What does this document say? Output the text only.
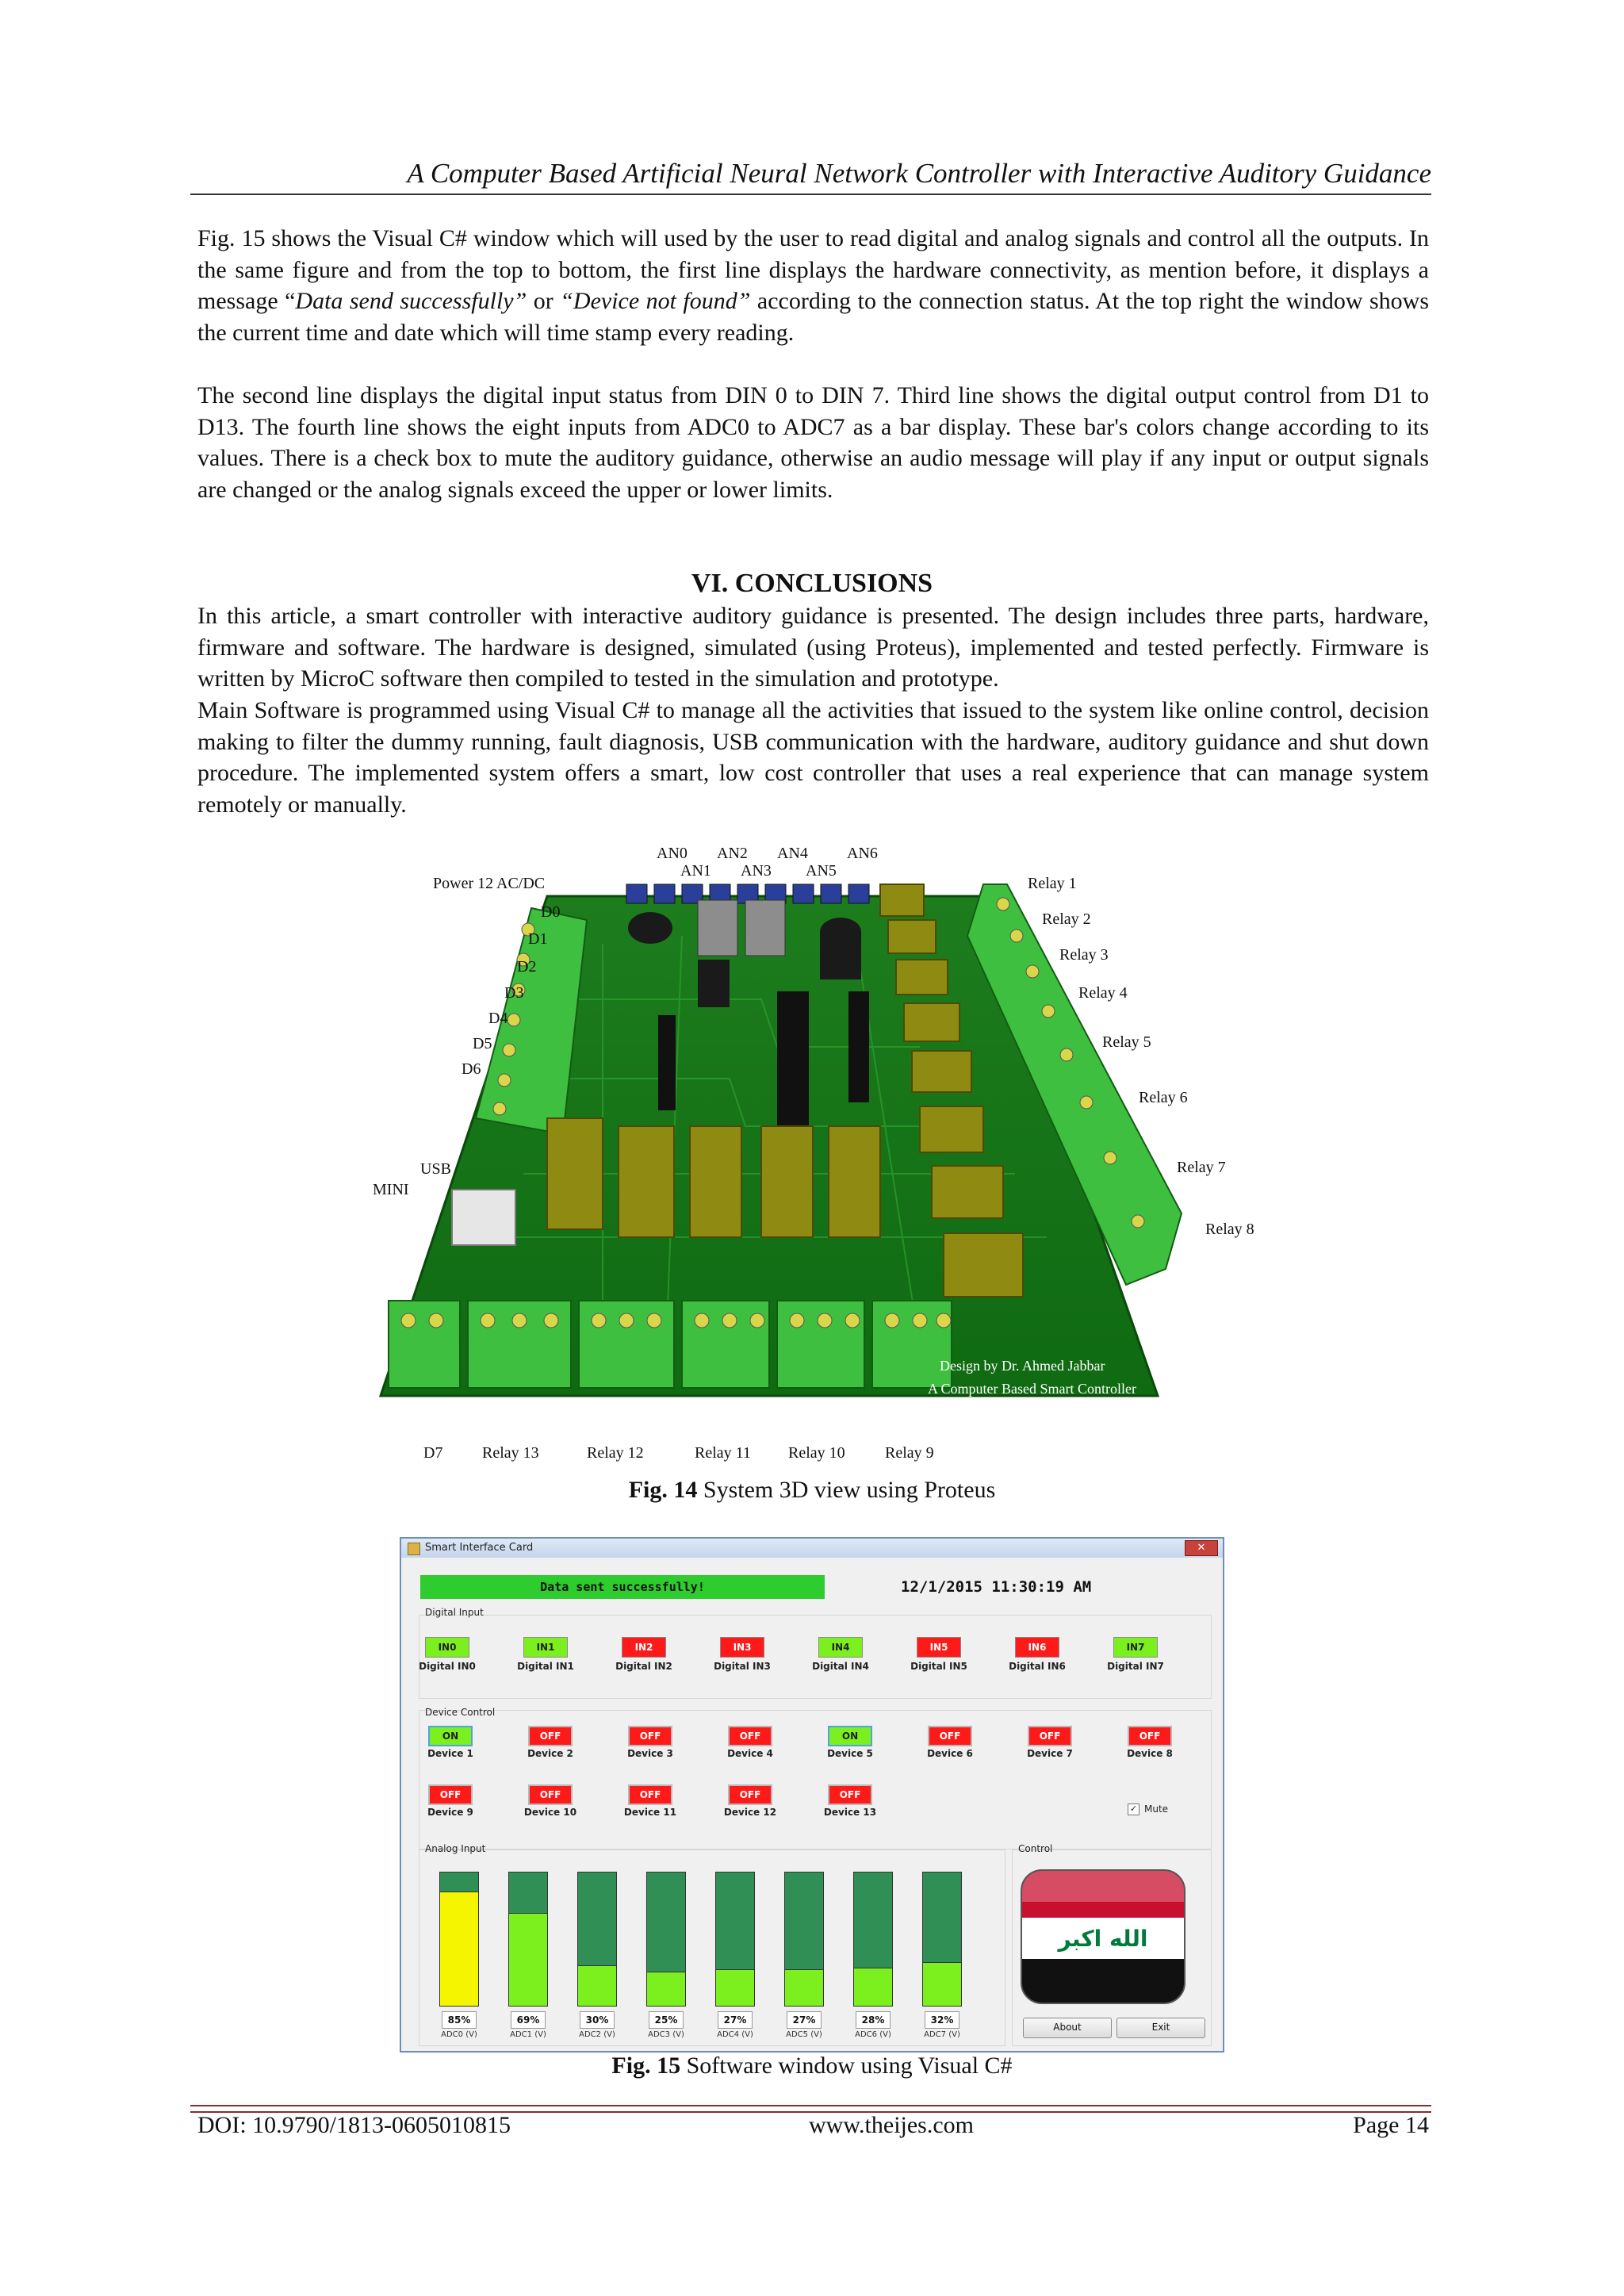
A Computer Based Artificial Neural Network Controller with Interactive Auditory Guidance

Fig. 15 shows the Visual C# window which will used by the user to read digital and analog signals and control all the outputs. In the same figure and from the top to bottom, the first line displays the hardware connectivity, as mention before, it displays a message “Data send successfully” or “Device not found” according to the connection status. At the top right the window shows the current time and date which will time stamp every reading.

The second line displays the digital input status from DIN 0 to DIN 7. Third line shows the digital output control from D1 to D13. The fourth line shows the eight inputs from ADC0 to ADC7 as a bar display. These bar's colors change according to its values. There is a check box to mute the auditory guidance, otherwise an audio message will play if any input or output signals are changed or the analog signals exceed the upper or lower limits.

VI. CONCLUSIONS

In this article, a smart controller with interactive auditory guidance is presented. The design includes three parts, hardware, firmware and software. The hardware is designed, simulated (using Proteus), implemented and tested perfectly. Firmware is written by MicroC software then compiled to tested in the simulation and prototype.

Main Software is programmed using Visual C# to manage all the activities that issued to the system like online control, decision making to filter the dummy running, fault diagnosis, USB communication with the hardware, auditory guidance and shut down procedure. The implemented system offers a smart, low cost controller that uses a real experience that can manage system remotely or manually.

Design by Dr. Ahmed Jabbar
A Computer Based Smart Controller
with Auditory Warning
AN0
AN1
AN2
AN3
AN4
AN5
AN6
Power 12 AC/DC
D0
D1
D2
D3
D4
D5
D6
USB
MINI
Relay 1
Relay 2
Relay 3
Relay 4
Relay 5
Relay 6
Relay 7
Relay 8
D7 Relay 13	Relay 12	Relay 11 Relay 10	Relay 9
Fig. 14 System 3D view using Proteus
Smart Interface Card	✕
Data sent successfully!	12/1/2015 11:30:19 AM
Digital Input
Device Control
✓ Mute
Analog Input	Control
الله اكبر
About	Exit
IN0
Digital IN0
IN1
Digital IN1
IN2
Digital IN2
IN3
Digital IN3
IN4
Digital IN4
IN5
Digital IN5
IN6
Digital IN6
IN7
Digital IN7
ON
Device 1
OFF
Device 2
OFF
Device 3
OFF
Device 4
ON
Device 5
OFF
Device 6
OFF
Device 7
OFF
Device 8
OFF
Device 9
OFF
Device 10
OFF
Device 11
OFF
Device 12
OFF
Device 13
85%
ADC0 (V)
69%
ADC1 (V)
30%
ADC2 (V)
25%
ADC3 (V)
27%
ADC4 (V)
27%
ADC5 (V)
28%
ADC6 (V)
32%
ADC7 (V)
Fig. 15 Software window using Visual C#
DOI: 10.9790/1813-0605010815	www.theijes.com	Page 14
